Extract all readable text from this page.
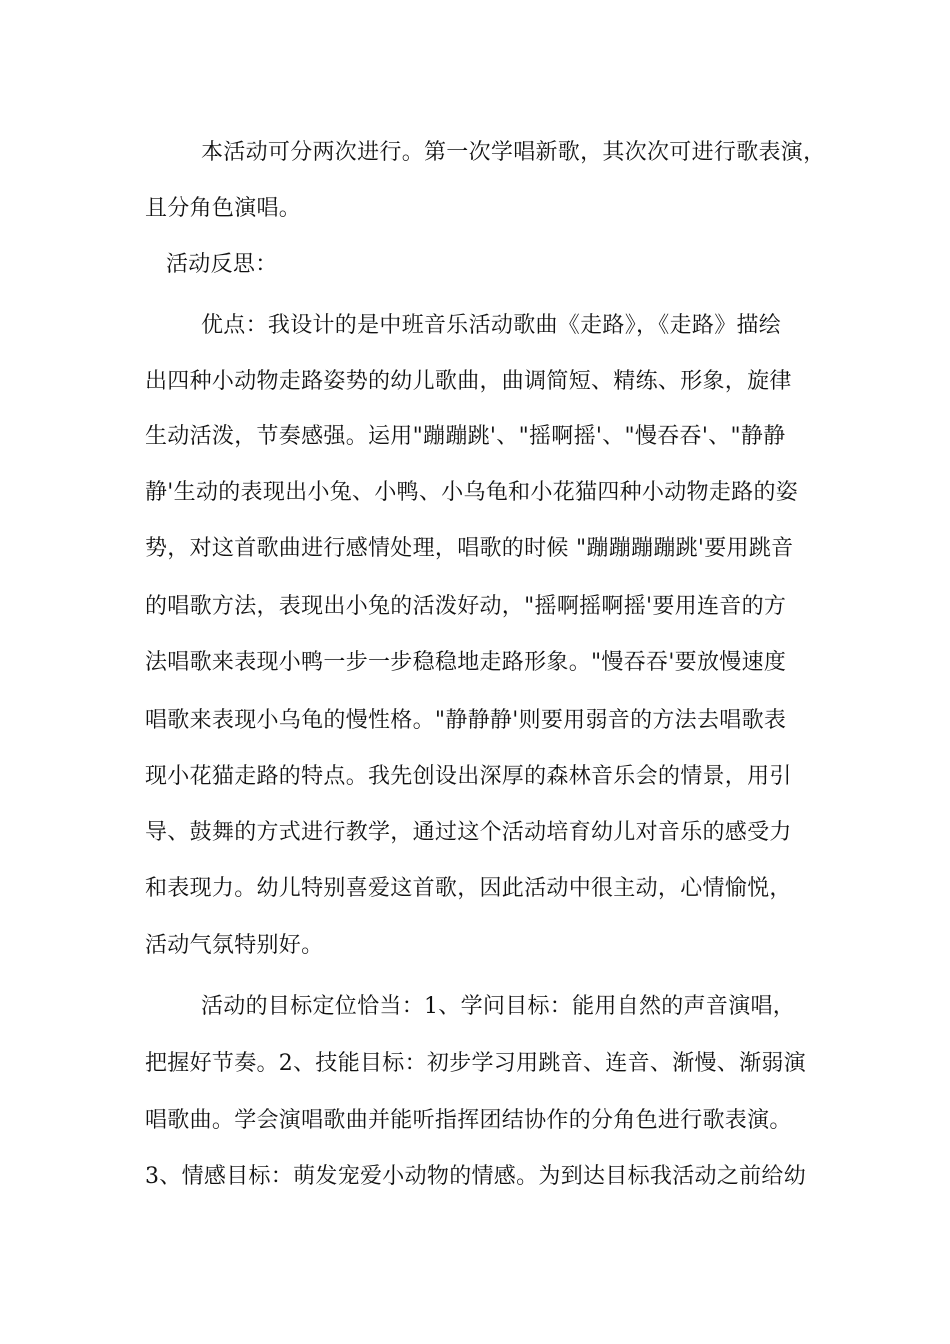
本活动可分两次进行。第一次学唱新歌，其次次可进行歌表演，
且分角色演唱。
活动反思：
优点：我设计的是中班音乐活动歌曲《走路》，《走路》描绘
出四种小动物走路姿势的幼儿歌曲，曲调简短、精练、形象，旋律
生动活泼，节奏感强。运用"蹦蹦跳'、"摇啊摇'、"慢吞吞'、"静静
静'生动的表现出小兔、小鸭、小乌龟和小花猫四种小动物走路的姿
势，对这首歌曲进行感情处理，唱歌的时候 "蹦蹦蹦蹦跳'要用跳音
的唱歌方法，表现出小兔的活泼好动，"摇啊摇啊摇'要用连音的方
法唱歌来表现小鸭一步一步稳稳地走路形象。"慢吞吞'要放慢速度
唱歌来表现小乌龟的慢性格。"静静静'则要用弱音的方法去唱歌表
现小花猫走路的特点。我先创设出深厚的森林音乐会的情景，用引
导、鼓舞的方式进行教学，通过这个活动培育幼儿对音乐的感受力
和表现力。幼儿特别喜爱这首歌，因此活动中很主动，心情愉悦，
活动气氛特别好。
活动的目标定位恰当：1、学问目标：能用自然的声音演唱，
把握好节奏。2、技能目标：初步学习用跳音、连音、渐慢、渐弱演
唱歌曲。学会演唱歌曲并能听指挥团结协作的分角色进行歌表演。
3、情感目标：萌发宠爱小动物的情感。为到达目标我活动之前给幼
